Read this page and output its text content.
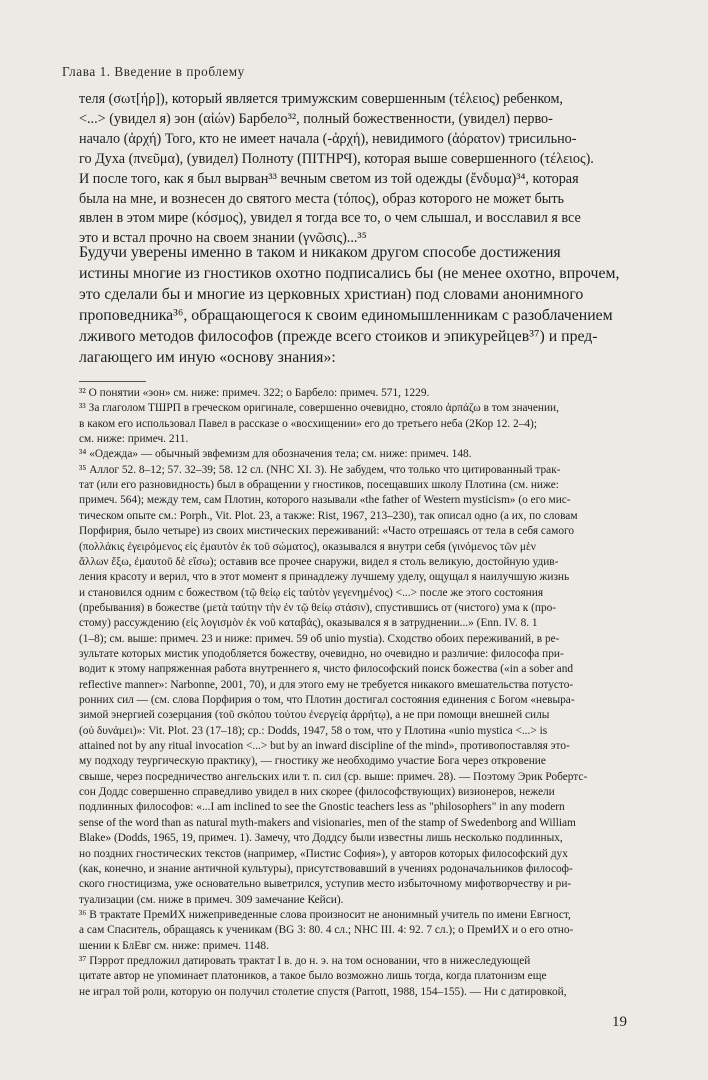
Глава 1. Введение в проблему
теля (σωτ[ήρ]), который является тримужским совершенным (τέλειος) ребенком,
<...> (увидел я) эон (αἰών) Барбело³², полный божественности, (увидел) перво-
начало (ἀρχή) Того, кто не имеет начала (-ἀρχή), невидимого (ἀόρατον) трисильно-
го Духа (πνεῦμα), (увидел) Полноту (ПІТНРϤ), которая выше совершенного (τέλειος).
И после того, как я был вырван³³ вечным светом из той одежды (ἔνδυμα)³⁴, которая
была на мне, и вознесен до святого места (τόπος), образ которого не может быть
явлен в этом мире (κόσμος), увидел я тогда все то, о чем слышал, и восславил я все
это и встал прочно на своем знании (γνῶσις)...³⁵
Будучи уверены именно в таком и никаком другом способе достижения
истины многие из гностиков охотно подписались бы (не менее охотно, впрочем,
это сделали бы и многие из церковных христиан) под словами анонимного
проповедника³⁶, обращающегося к своим единомышленникам с разоблачением
лживого методов философов (прежде всего стоиков и эпикурейцев³⁷) и пред-
лагающего им иную «основу знания»:
³² О понятии «эон» см. ниже: примеч. 322; о Барбело: примеч. 571, 1229.
³³ За глаголом ТШРП в греческом оригинале, совершенно очевидно, стояло ἁρπάζω в том значении,
в каком его использовал Павел в рассказе о «восхищении» его до третьего неба (2Кор 12. 2–4);
см. ниже: примеч. 211.
³⁴ «Одежда» — обычный эвфемизм для обозначения тела; см. ниже: примеч. 148.
³⁵ Аллог 52. 8–12; 57. 32–39; 58. 12 сл. (NHC XI. 3). Не забудем, что только что цитированный трак-
тат (или его разновидность) был в обращении у гностиков, посещавших школу Плотина (см. ниже:
примеч. 564); между тем, сам Плотин, которого называли «the father of Western mysticism» (о его мис-
тическом опыте см.: Porph., Vit. Plot. 23, а также: Rist, 1967, 213–230), так описал одно (а их, по словам
Порфирия, было четыре) из своих мистических переживаний: «Часто отрешаясь от тела в себя самого
(πολλάκις ἐγειρόμενος εἰς ἐμαυτὸν ἐκ τοῦ σώματος), оказывался я внутри себя (γινόμενος τῶν μὲν
ἄλλων ἔξω, ἐμαυτοῦ δὲ εἴσω); оставив все прочее снаружи, видел я столь великую, достойную удив-
ления красоту и верил, что в этот момент я принадлежу лучшему уделу, ощущал я наилучшую жизнь
и становился одним с божеством (τῷ θείῳ εἰς ταὐτὸν γεγενημένος) <...> после же этого состояния
(пребывания) в божестве (μετὰ ταύτην τὴν ἐν τῷ θείῳ στάσιν), спустившись от (чистого) ума к (про-
стому) рассуждению (εἰς λογισμὸν ἐκ νοῦ καταβάς), оказывался я в затруднении...» (Enn. IV. 8. 1
(1–8); см. выше: примеч. 23 и ниже: примеч. 59 об unio mystia). Сходство обоих переживаний, в ре-
зультате которых мистик уподобляется божеству, очевидно, но очевидно и различие: философа при-
водит к этому напряженная работа внутреннего я, чисто философский поиск божества («in a sober and
reflective manner»: Narbonne, 2001, 70), и для этого ему не требуется никакого вмешательства потусто-
ронних сил — (см. слова Порфирия о том, что Плотин достигал состояния единения с Богом «невыра-
зимой энергией созерцания (τοῦ σκόπου τούτου ἐνεργείᾳ ἀρρήτῳ), а не при помощи внешней силы
(οὐ δυνάμει)»: Vit. Plot. 23 (17–18); ср.: Dodds, 1947, 58 о том, что у Плотина «unio mystica <...> is
attained not by any ritual invocation <...> but by an inward discipline of the mind», противопоставляя это-
му подходу теургическую практику), — гностику же необходимо участие Бога через откровение
свыше, через посредничество ангельских или т. п. сил (ср. выше: примеч. 28). — Поэтому Эрик Робертс-
сон Доддс совершенно справедливо увидел в них скорее (философствующих) визионеров, нежели
подлинных философов: «...I am inclined to see the Gnostic teachers less as "philosophers" in any modern
sense of the word than as natural myth-makers and visionaries, men of the stamp of Swedenborg and William
Blake» (Dodds, 1965, 19, примеч. 1). Замечу, что Доддсу были известны лишь несколько подлинных,
но поздних гностических текстов (например, «Пистис София»), у авторов которых философский дух
(как, конечно, и знание античной культуры), присутствовавший в учениях родоначальников философ-
ского гностицизма, уже основательно выветрился, уступив место избыточному мифотворчеству и ри-
туализации (см. ниже в примеч. 309 замечание Кейси).
³⁶ В трактате ПремИХ нижеприведенные слова произносит не анонимный учитель по имени Евгност,
а сам Спаситель, обращаясь к ученикам (BG 3: 80. 4 сл.; NHC III. 4: 92. 7 сл.); о ПремИХ и о его отно-
шении к БлЕвг см. ниже: примеч. 1148.
³⁷ Пэррот предложил датировать трактат I в. до н. э. на том основании, что в нижеследующей
цитате автор не упоминает платоников, а такое было возможно лишь тогда, когда платонизм еще
не играл той роли, которую он получил столетие спустя (Parrott, 1988, 154–155). — Ни с датировкой,
19
